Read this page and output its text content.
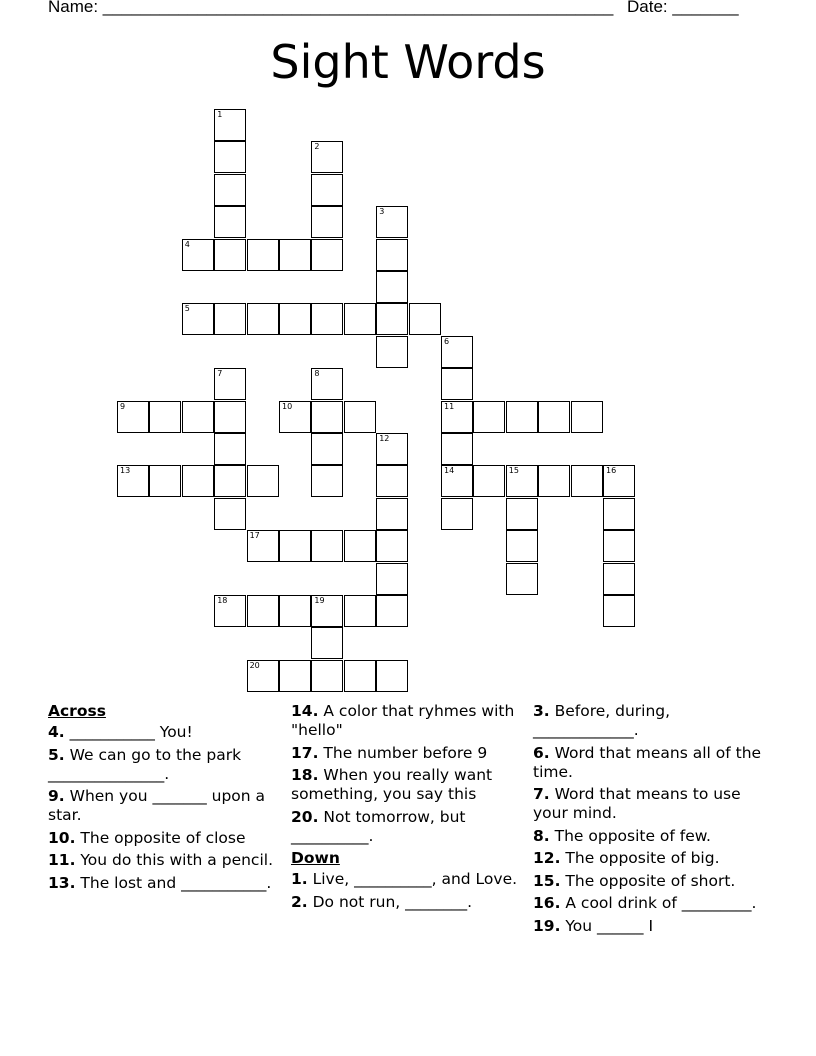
Name: ______________________________________________________ Date: _______
Sight Words
1
2
3
4
5
6
11
14
7	8
9	10
12
13	15	16
17
18	19
20
Across
4. ___________ You!
5. We can go to the park _______________.
9. When you _______ upon a star.
10. The opposite of close
11. You do this with a pencil.
13. The lost and ___________.
14. A color that ryhmes with "hello"
17. The number before 9
18. When you really want something, you say this
20. Not tomorrow, but __________.
Down
1. Live, __________, and Love.
2. Do not run, ________.
3. Before, during, _____________.
6. Word that means all of the time.
7. Word that means to use your mind.
8. The opposite of few.
12. The opposite of big.
15. The opposite of short.
16. A cool drink of _________.
19. You ______ I
